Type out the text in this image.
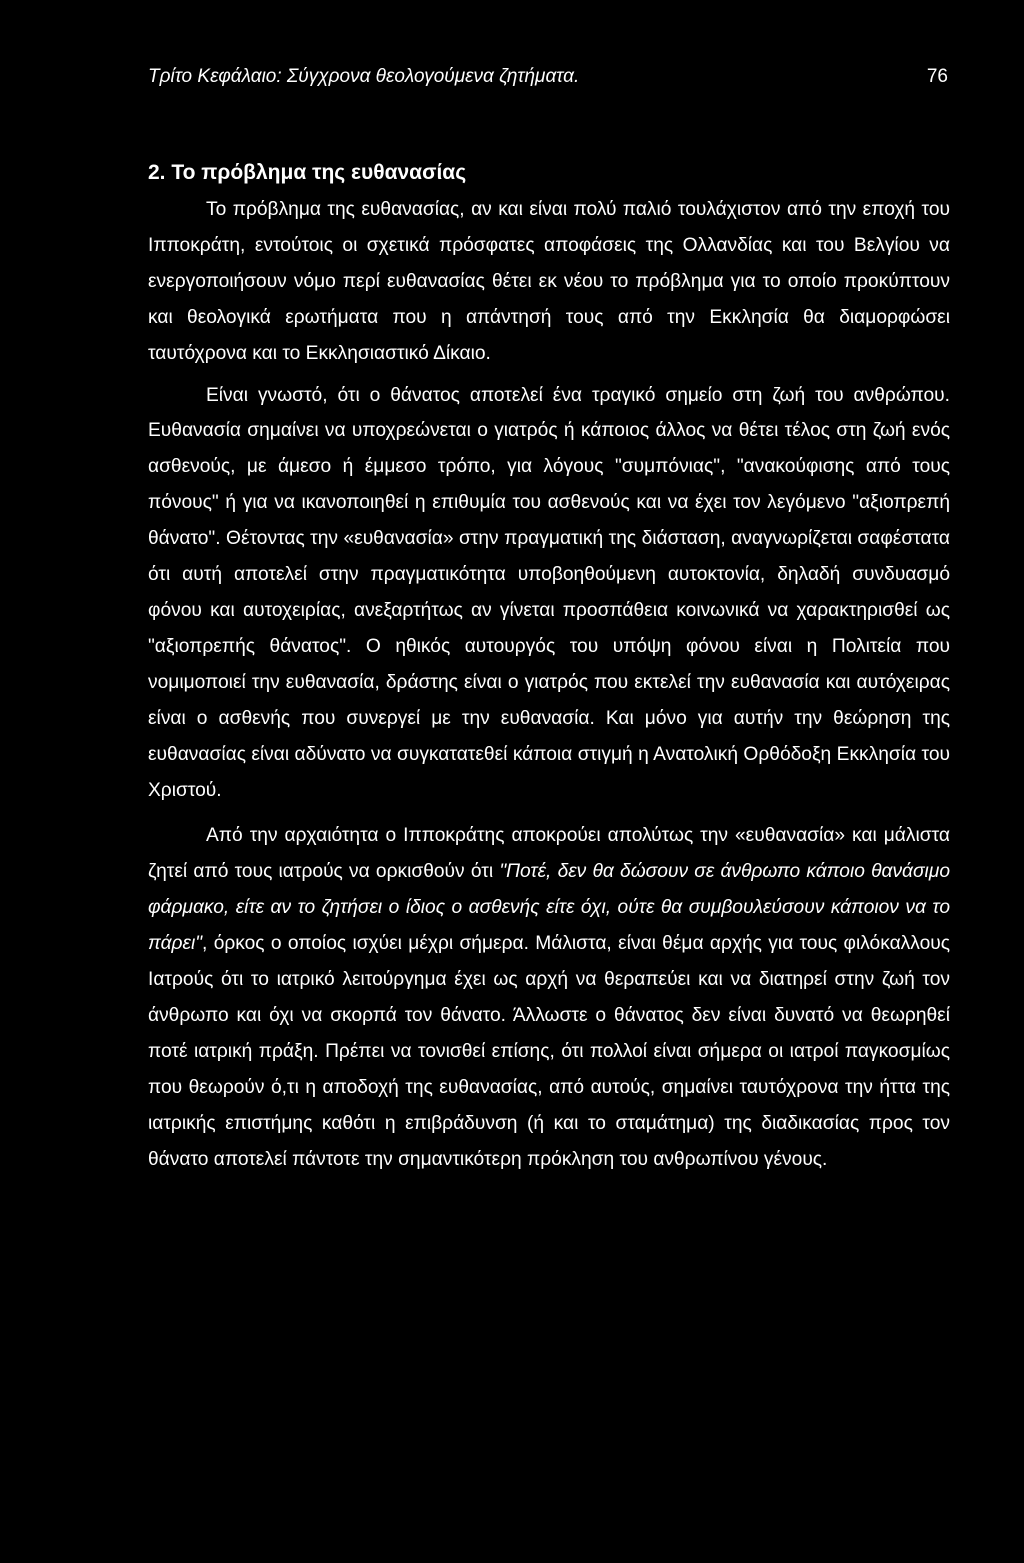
Τρίτο Κεφάλαιο: Σύγχρονα θεολογούμενα ζητήματα.	76
2. Το πρόβλημα της ευθανασίας

Το πρόβλημα της ευθανασίας, αν και είναι πολύ παλιό τουλάχιστον από την εποχή του Ιπποκράτη, εντούτοις οι σχετικά πρόσφατες αποφάσεις της Ολλανδίας και του Βελγίου να ενεργοποιήσουν νόμο περί ευθανασίας θέτει εκ νέου το πρόβλημα για το οποίο προκύπτουν και θεολογικά ερωτήματα που η απάντησή τους από την Εκκλησία θα διαμορφώσει ταυτόχρονα και το Εκκλησιαστικό Δίκαιο.

Είναι γνωστό, ότι ο θάνατος αποτελεί ένα τραγικό σημείο στη ζωή του ανθρώπου. Ευθανασία σημαίνει να υποχρεώνεται ο γιατρός ή κάποιος άλλος να θέτει τέλος στη ζωή ενός ασθενούς, με άμεσο ή έμμεσο τρόπο, για λόγους "συμπόνιας", "ανακούφισης από τους πόνους" ή για να ικανοποιηθεί η επιθυμία του ασθενούς και να έχει τον λεγόμενο "αξιοπρεπή θάνατο". Θέτοντας την «ευθανασία» στην πραγματική της διάσταση, αναγνωρίζεται σαφέστατα ότι αυτή αποτελεί στην πραγματικότητα υποβοηθούμενη αυτοκτονία, δηλαδή συνδυασμό φόνου και αυτοχειρίας, ανεξαρτήτως αν γίνεται προσπάθεια κοινωνικά να χαρακτηρισθεί ως "αξιοπρεπής θάνατος". Ο ηθικός αυτουργός του υπόψη φόνου είναι η Πολιτεία που νομιμοποιεί την ευθανασία, δράστης είναι ο γιατρός που εκτελεί την ευθανασία και αυτόχειρας είναι ο ασθενής που συνεργεί με την ευθανασία. Και μόνο για αυτήν την θεώρηση της ευθανασίας είναι αδύνατο να συγκατατεθεί κάποια στιγμή η Ανατολική Ορθόδοξη Εκκλησία του Χριστού.

Από την αρχαιότητα ο Ιπποκράτης αποκρούει απολύτως την «ευθανασία» και μάλιστα ζητεί από τους ιατρούς να ορκισθούν ότι "Ποτέ, δεν θα δώσουν σε άνθρωπο κάποιο θανάσιμο φάρμακο, είτε αν το ζητήσει ο ίδιος ο ασθενής είτε όχι, ούτε θα συμβουλεύσουν κάποιον να το πάρει", όρκος ο οποίος ισχύει μέχρι σήμερα. Μάλιστα, είναι θέμα αρχής για τους φιλόκαλλους Ιατρούς ότι το ιατρικό λειτούργημα έχει ως αρχή να θεραπεύει και να διατηρεί στην ζωή τον άνθρωπο και όχι να σκορπά τον θάνατο. Άλλωστε ο θάνατος δεν είναι δυνατό να θεωρηθεί ποτέ ιατρική πράξη. Πρέπει να τονισθεί επίσης, ότι πολλοί είναι σήμερα οι ιατροί παγκοσμίως που θεωρούν ό,τι η αποδοχή της ευθανασίας, από αυτούς, σημαίνει ταυτόχρονα την ήττα της ιατρικής επιστήμης καθότι η επιβράδυνση (ή και το σταμάτημα) της διαδικασίας προς τον θάνατο αποτελεί πάντοτε την σημαντικότερη πρόκληση του ανθρωπίνου γένους.
